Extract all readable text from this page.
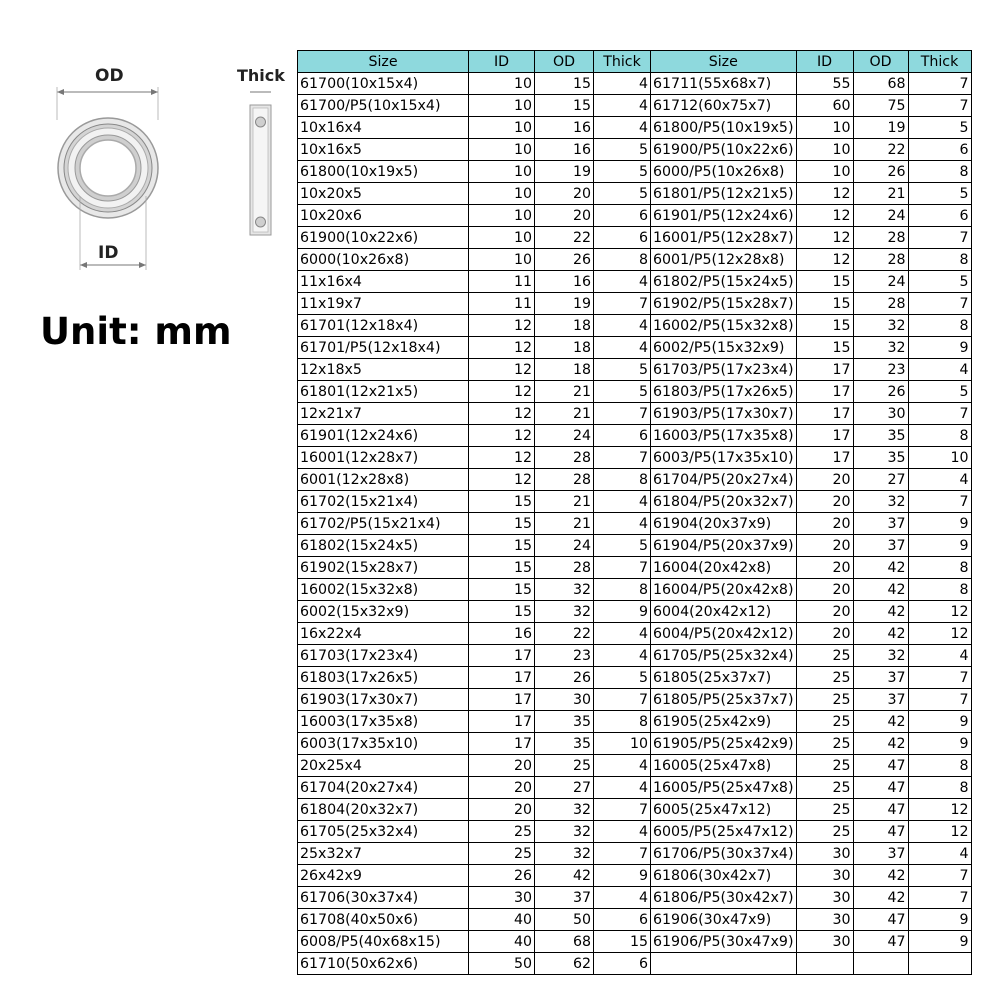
OD
ID
Thick
Unit: mm
Size	ID	OD	Thick	Size	ID	OD	Thick
61700(10x15x4)	10	15	4	61711(55x68x7)	55	68	7
61700/P5(10x15x4)	10	15	4	61712(60x75x7)	60	75	7
10x16x4	10	16	4	61800/P5(10x19x5)	10	19	5
10x16x5	10	16	5	61900/P5(10x22x6)	10	22	6
61800(10x19x5)	10	19	5	6000/P5(10x26x8)	10	26	8
10x20x5	10	20	5	61801/P5(12x21x5)	12	21	5
10x20x6	10	20	6	61901/P5(12x24x6)	12	24	6
61900(10x22x6)	10	22	6	16001/P5(12x28x7)	12	28	7
6000(10x26x8)	10	26	8	6001/P5(12x28x8)	12	28	8
11x16x4	11	16	4	61802/P5(15x24x5)	15	24	5
11x19x7	11	19	7	61902/P5(15x28x7)	15	28	7
61701(12x18x4)	12	18	4	16002/P5(15x32x8)	15	32	8
61701/P5(12x18x4)	12	18	4	6002/P5(15x32x9)	15	32	9
12x18x5	12	18	5	61703/P5(17x23x4)	17	23	4
61801(12x21x5)	12	21	5	61803/P5(17x26x5)	17	26	5
12x21x7	12	21	7	61903/P5(17x30x7)	17	30	7
61901(12x24x6)	12	24	6	16003/P5(17x35x8)	17	35	8
16001(12x28x7)	12	28	7	6003/P5(17x35x10)	17	35	10
6001(12x28x8)	12	28	8	61704/P5(20x27x4)	20	27	4
61702(15x21x4)	15	21	4	61804/P5(20x32x7)	20	32	7
61702/P5(15x21x4)	15	21	4	61904(20x37x9)	20	37	9
61802(15x24x5)	15	24	5	61904/P5(20x37x9)	20	37	9
61902(15x28x7)	15	28	7	16004(20x42x8)	20	42	8
16002(15x32x8)	15	32	8	16004/P5(20x42x8)	20	42	8
6002(15x32x9)	15	32	9	6004(20x42x12)	20	42	12
16x22x4	16	22	4	6004/P5(20x42x12)	20	42	12
61703(17x23x4)	17	23	4	61705/P5(25x32x4)	25	32	4
61803(17x26x5)	17	26	5	61805(25x37x7)	25	37	7
61903(17x30x7)	17	30	7	61805/P5(25x37x7)	25	37	7
16003(17x35x8)	17	35	8	61905(25x42x9)	25	42	9
6003(17x35x10)	17	35	10	61905/P5(25x42x9)	25	42	9
20x25x4	20	25	4	16005(25x47x8)	25	47	8
61704(20x27x4)	20	27	4	16005/P5(25x47x8)	25	47	8
61804(20x32x7)	20	32	7	6005(25x47x12)	25	47	12
61705(25x32x4)	25	32	4	6005/P5(25x47x12)	25	47	12
25x32x7	25	32	7	61706/P5(30x37x4)	30	37	4
26x42x9	26	42	9	61806(30x42x7)	30	42	7
61706(30x37x4)	30	37	4	61806/P5(30x42x7)	30	42	7
61708(40x50x6)	40	50	6	61906(30x47x9)	30	47	9
6008/P5(40x68x15)	40	68	15	61906/P5(30x47x9)	30	47	9
61710(50x62x6)	50	62	6				
